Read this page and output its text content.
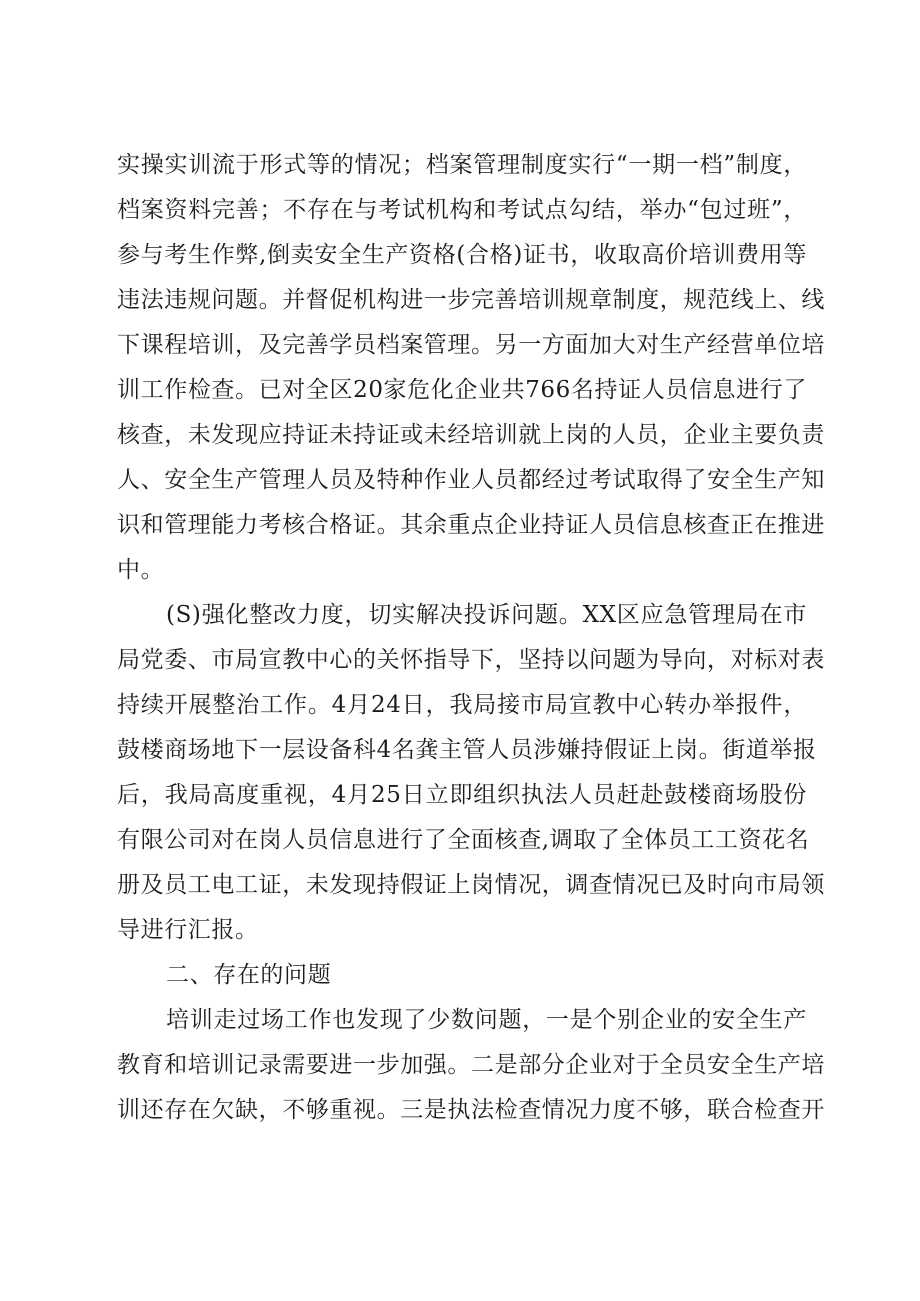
实操实训流于形式等的情况；档案管理制度实行“一期一档”制度，
档案资料完善；不存在与考试机构和考试点勾结，举办“包过班”，
参与考生作弊,倒卖安全生产资格(合格)证书，收取高价培训费用等
违法违规问题。并督促机构进一步完善培训规章制度，规范线上、线
下课程培训，及完善学员档案管理。另一方面加大对生产经营单位培
训工作检查。已对全区20家危化企业共766名持证人员信息进行了
核查，未发现应持证未持证或未经培训就上岗的人员，企业主要负责
人、安全生产管理人员及特种作业人员都经过考试取得了安全生产知
识和管理能力考核合格证。其余重点企业持证人员信息核查正在推进
中。
(S)强化整改力度，切实解决投诉问题。XX区应急管理局在市
局党委、市局宣教中心的关怀指导下，坚持以问题为导向，对标对表
持续开展整治工作。4月24日，我局接市局宣教中心转办举报件，
鼓楼商场地下一层设备科4名龚主管人员涉嫌持假证上岗。街道举报
后，我局高度重视，4月25日立即组织执法人员赶赴鼓楼商场股份
有限公司对在岗人员信息进行了全面核查,调取了全体员工工资花名
册及员工电工证，未发现持假证上岗情况，调查情况已及时向市局领
导进行汇报。
二、存在的问题
培训走过场工作也发现了少数问题，一是个别企业的安全生产
教育和培训记录需要进一步加强。二是部分企业对于全员安全生产培
训还存在欠缺，不够重视。三是执法检查情况力度不够，联合检查开
